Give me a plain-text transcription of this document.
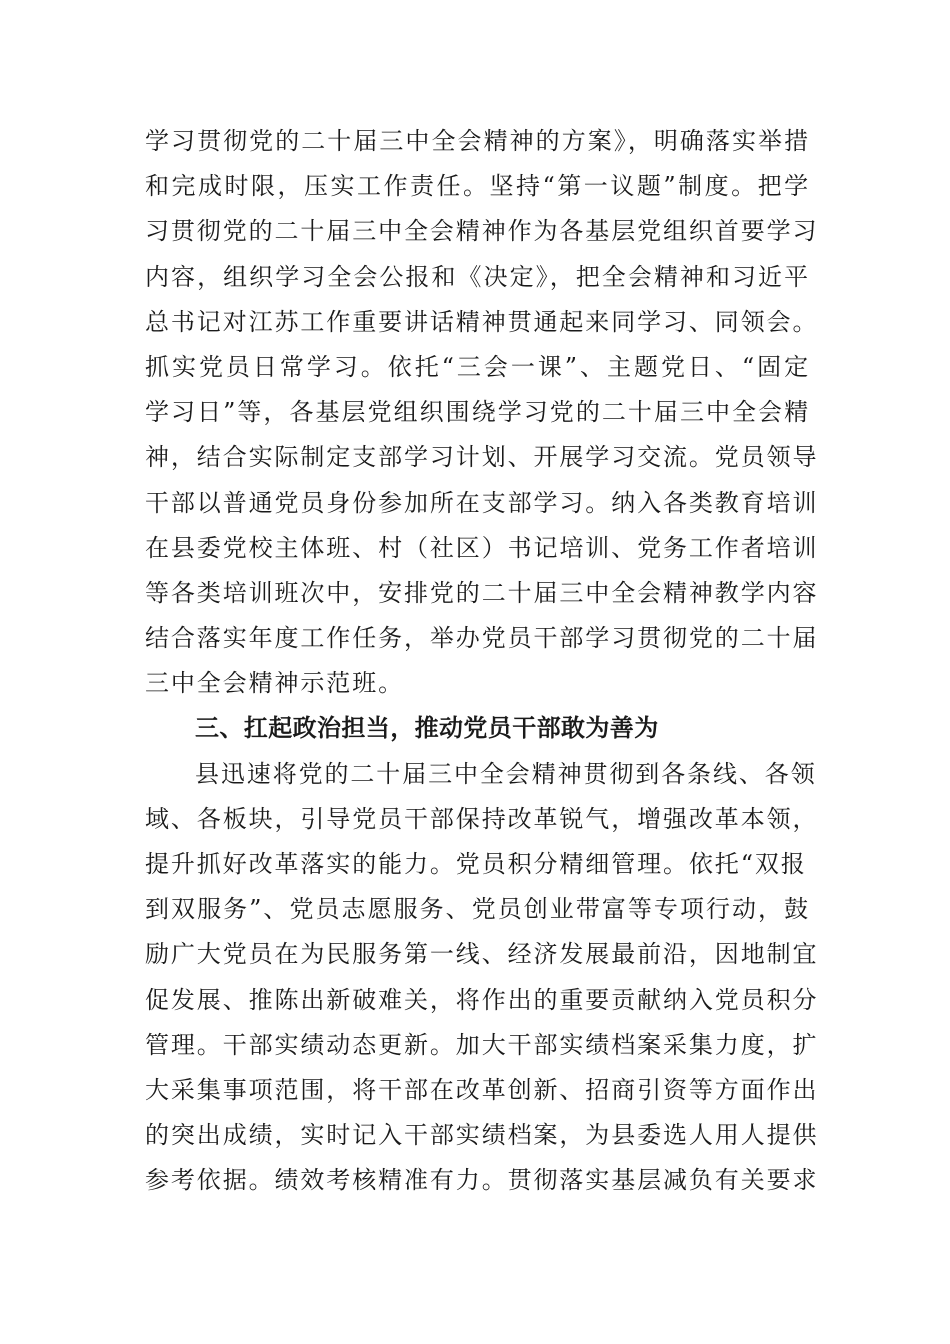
学习贯彻党的二十届三中全会精神的方案》，明确落实举措
和完成时限，压实工作责任。坚持“第一议题”制度。把学
习贯彻党的二十届三中全会精神作为各基层党组织首要学习
内容，组织学习全会公报和《决定》，把全会精神和习近平
总书记对江苏工作重要讲话精神贯通起来同学习、同领会。
抓实党员日常学习。依托“三会一课”、主题党日、“固定
学习日”等，各基层党组织围绕学习党的二十届三中全会精
神，结合实际制定支部学习计划、开展学习交流。党员领导
干部以普通党员身份参加所在支部学习。纳入各类教育培训
在县委党校主体班、村（社区）书记培训、党务工作者培训
等各类培训班次中，安排党的二十届三中全会精神教学内容
结合落实年度工作任务，举办党员干部学习贯彻党的二十届
三中全会精神示范班。
三、扛起政治担当，推动党员干部敢为善为
县迅速将党的二十届三中全会精神贯彻到各条线、各领
域、各板块，引导党员干部保持改革锐气，增强改革本领，
提升抓好改革落实的能力。党员积分精细管理。依托“双报
到双服务”、党员志愿服务、党员创业带富等专项行动，鼓
励广大党员在为民服务第一线、经济发展最前沿，因地制宜
促发展、推陈出新破难关，将作出的重要贡献纳入党员积分
管理。干部实绩动态更新。加大干部实绩档案采集力度，扩
大采集事项范围，将干部在改革创新、招商引资等方面作出
的突出成绩，实时记入干部实绩档案，为县委选人用人提供
参考依据。绩效考核精准有力。贯彻落实基层减负有关要求
